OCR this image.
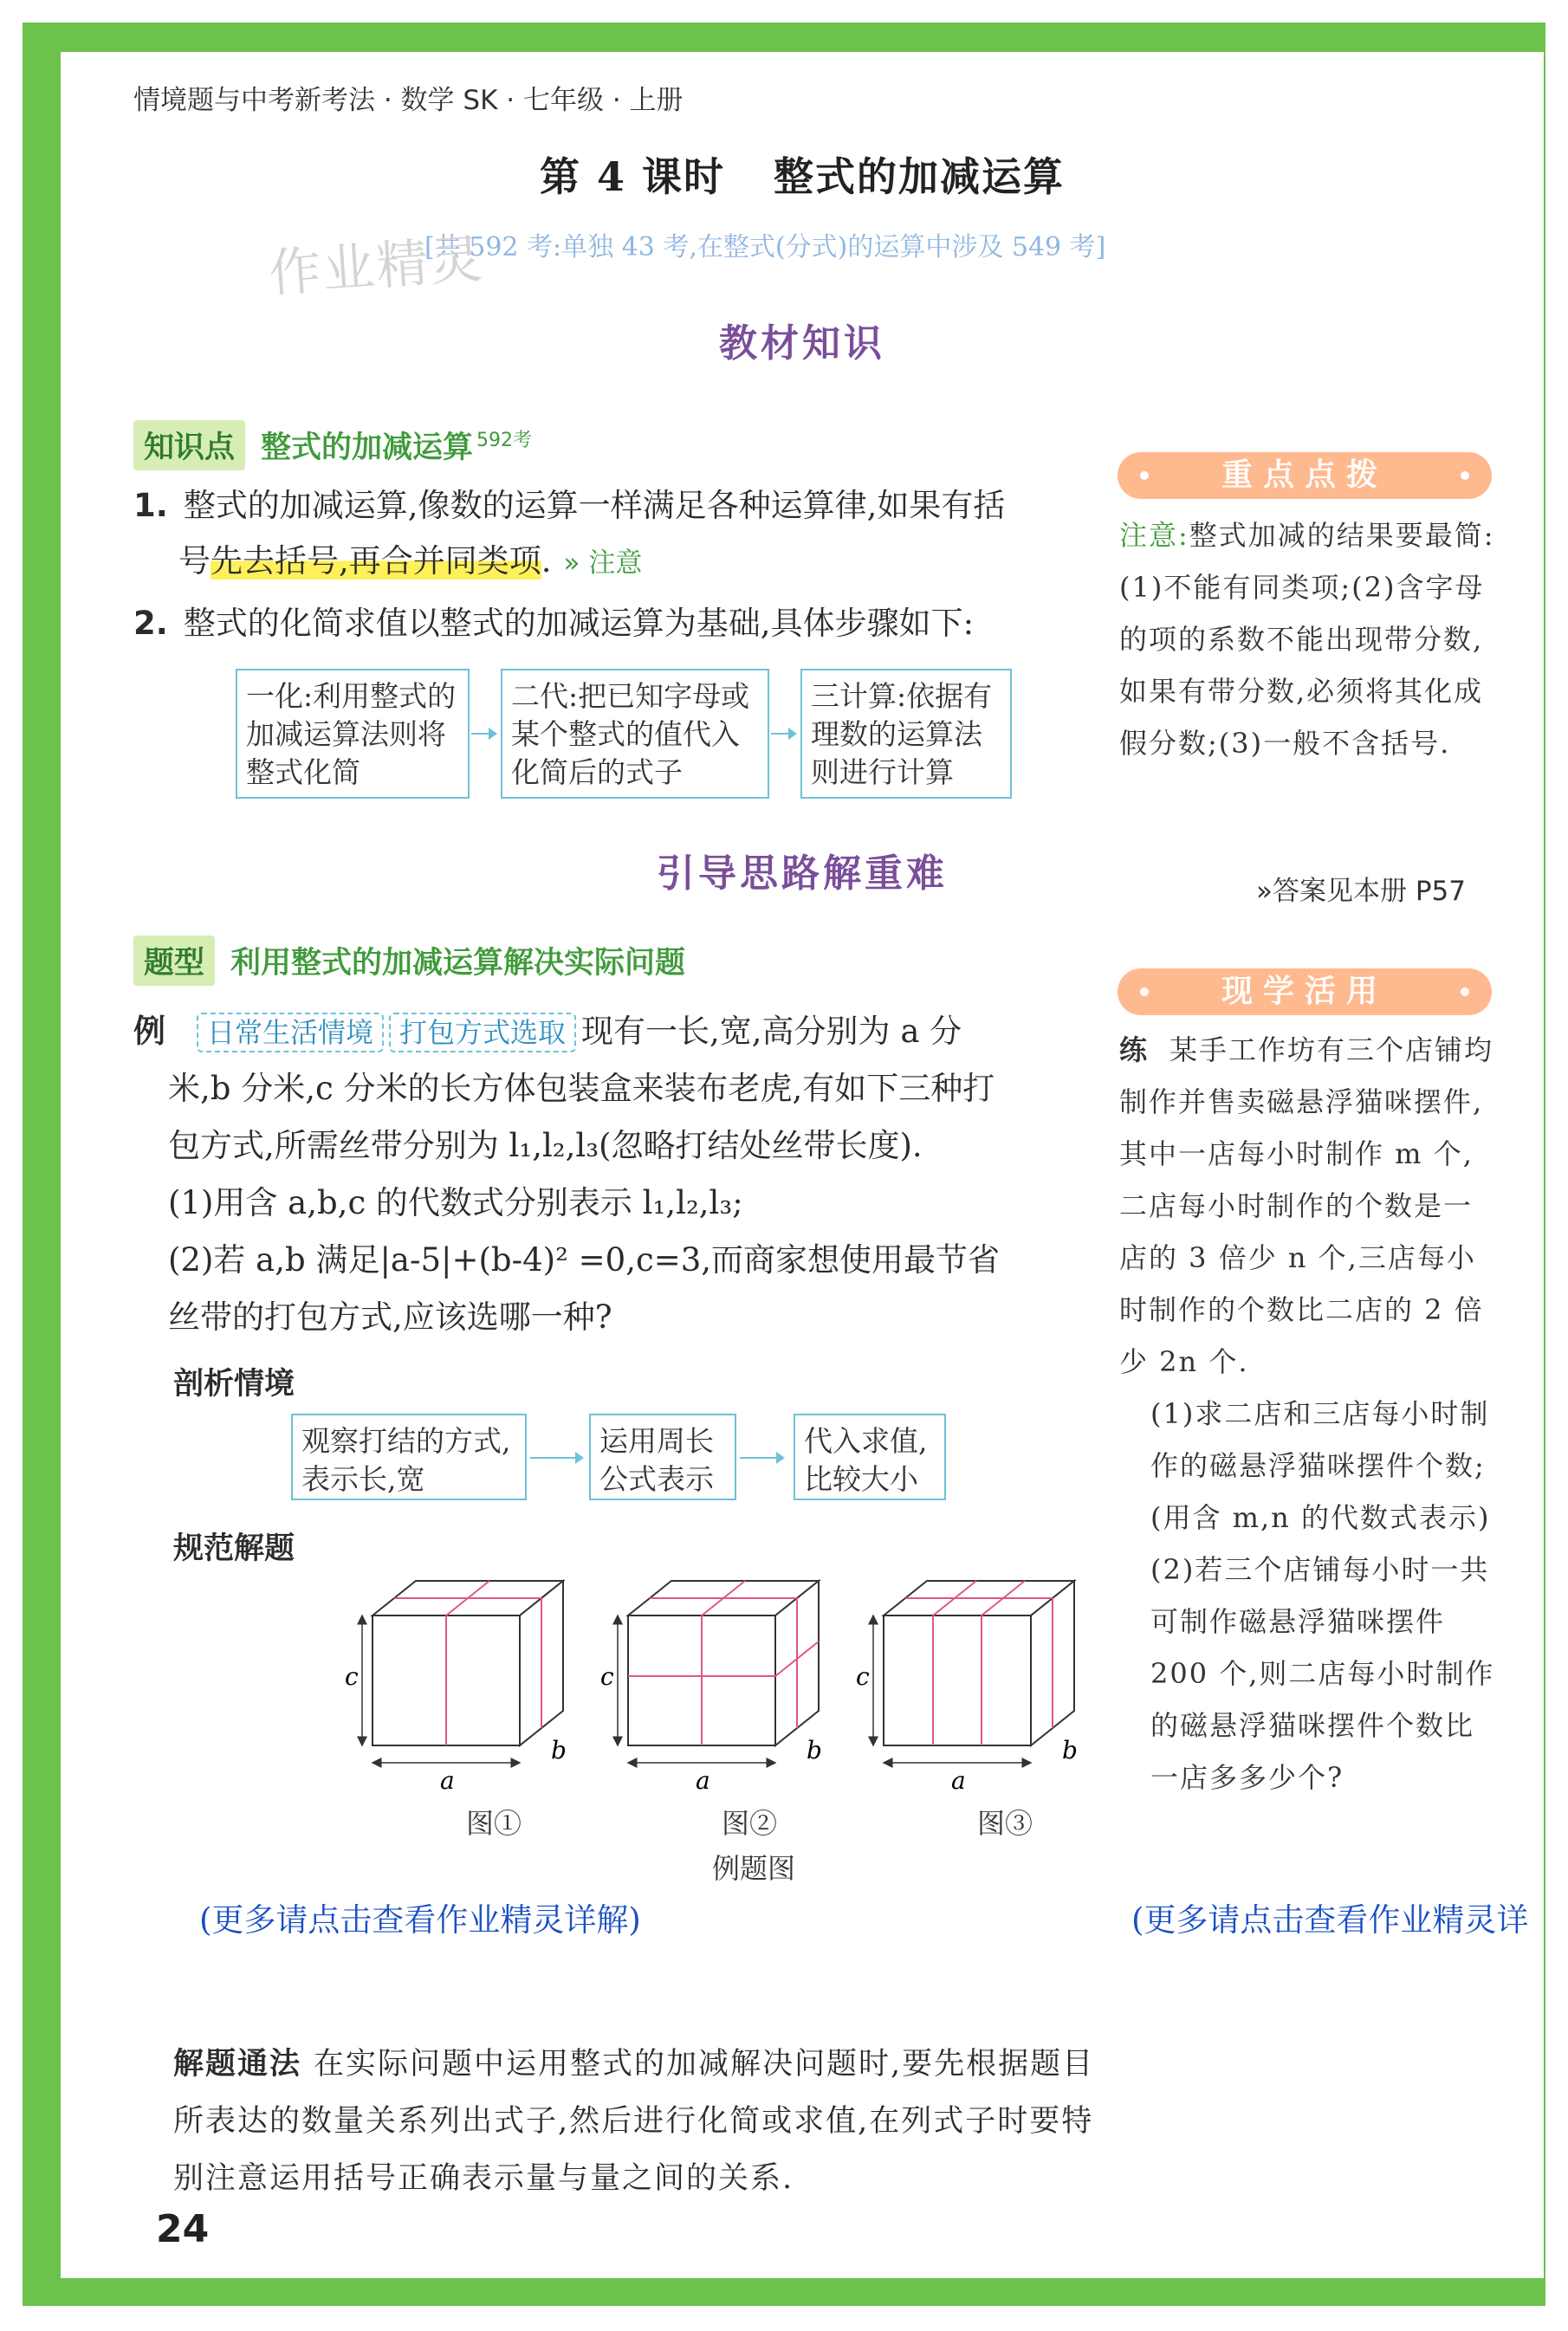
情境题与中考新考法 · 数学 SK · 七年级 · 上册
第 4 课时 整式的加减运算
[共 592 考:单独 43 考,在整式(分式)的运算中涉及 549 考]
作业精灵
教材知识
知识点 整式的加减运算 $^{592考}$
1. 整式的加减运算,像数的运算一样满足各种运算律,如果有括
号先去括号,再合并同类项. » 注意
2. 整式的化简求值以整式的加减运算为基础,具体步骤如下:
一化:利用整式的加减运算法则将整式化简
二代:把已知字母或某个整式的值代入化简后的式子
三计算:依据有理数的运算法则进行计算
重点点拨
注意:整式加减的结果要最简:(1)不能有同类项;(2)含字母的项的系数不能出现带分数,如果有带分数,必须将其化成假分数;(3)一般不含括号.
引导思路解重难	»答案见本册 P57
题型 利用整式的加减运算解决实际问题
例 日常生活情境 打包方式选取 现有一长,宽,高分别为 a 分
米,b 分米,c 分米的长方体包装盒来装布老虎,有如下三种打
包方式,所需丝带分别为 l₁,l₂,l₃(忽略打结处丝带长度).
(1)用含 a,b,c 的代数式分别表示 l₁,l₂,l₃;
(2)若 a,b 满足|a-5|+(b-4)² =0,c=3,而商家想使用最节省
丝带的打包方式,应该选哪一种?
剖析情境
观察打结的方式,表示长,宽
运用周长公式表示
代入求值,比较大小
规范解题
c
a
b
c
a
b
c
a
b
图①	图②	图③
例题图
(更多请点击查看作业精灵详解)
现学活用
练 某手工作坊有三个店铺均制作并售卖磁悬浮猫咪摆件,其中一店每小时制作 m 个,二店每小时制作的个数是一店的 3 倍少 n 个,三店每小时制作的个数比二店的 2 倍少 2n 个.
(1)求二店和三店每小时制作的磁悬浮猫咪摆件个数;(用含 m,n 的代数式表示)
(2)若三个店铺每小时一共可制作磁悬浮猫咪摆件 200 个,则二店每小时制作的磁悬浮猫咪摆件个数比一店多多少个?
(更多请点击查看作业精灵详
解题通法 在实际问题中运用整式的加减解决问题时,要先根据题目所表达的数量关系列出式子,然后进行化简或求值,在列式子时要特别注意运用括号正确表示量与量之间的关系.
24
